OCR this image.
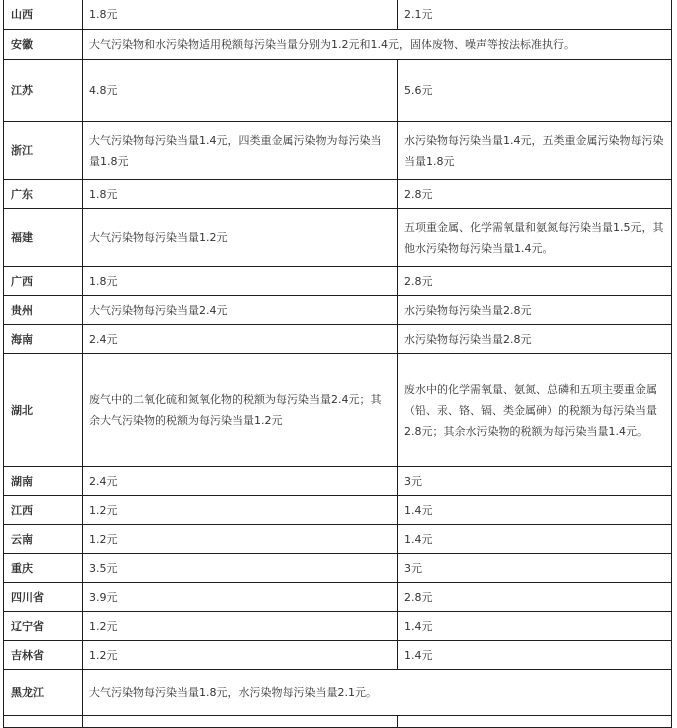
山西	1.8元	2.1元
安徽	大气污染物和水污染物适用税额每污染当量分别为1.2元和1.4元，固体废物、噪声等按法标准执行。	
江苏	4.8元	5.6元
浙江	大气污染物每污染当量1.4元，四类重金属污染物为每污染当量1.8元	水污染物每污染当量1.4元，五类重金属污染物每污染当量1.8元
广东	1.8元	2.8元
福建	大气污染物每污染当量1.2元	五项重金属、化学需氧量和氨氮每污染当量1.5元，其他水污染物每污染当量1.4元。
广西	1.8元	2.8元
贵州	大气污染物每污染当量2.4元	水污染物每污染当量2.8元
海南	2.4元	水污染物每污染当量2.8元
湖北	废气中的二氧化硫和氮氧化物的税额为每污染当量2.4元；其余大气污染物的税额为每污染当量1.2元	废水中的化学需氧量、氨氮、总磷和五项主要重金属（铅、汞、铬、镉、类金属砷）的税额为每污染当量2.8元；其余水污染物的税额为每污染当量1.4元。
湖南	2.4元	3元
江西	1.2元	1.4元
云南	1.2元	1.4元
重庆	3.5元	3元
四川省	3.9元	2.8元
辽宁省	1.2元	1.4元
吉林省	1.2元	1.4元
黑龙江	大气污染物每污染当量1.8元，水污染物每污染当量2.1元。	
